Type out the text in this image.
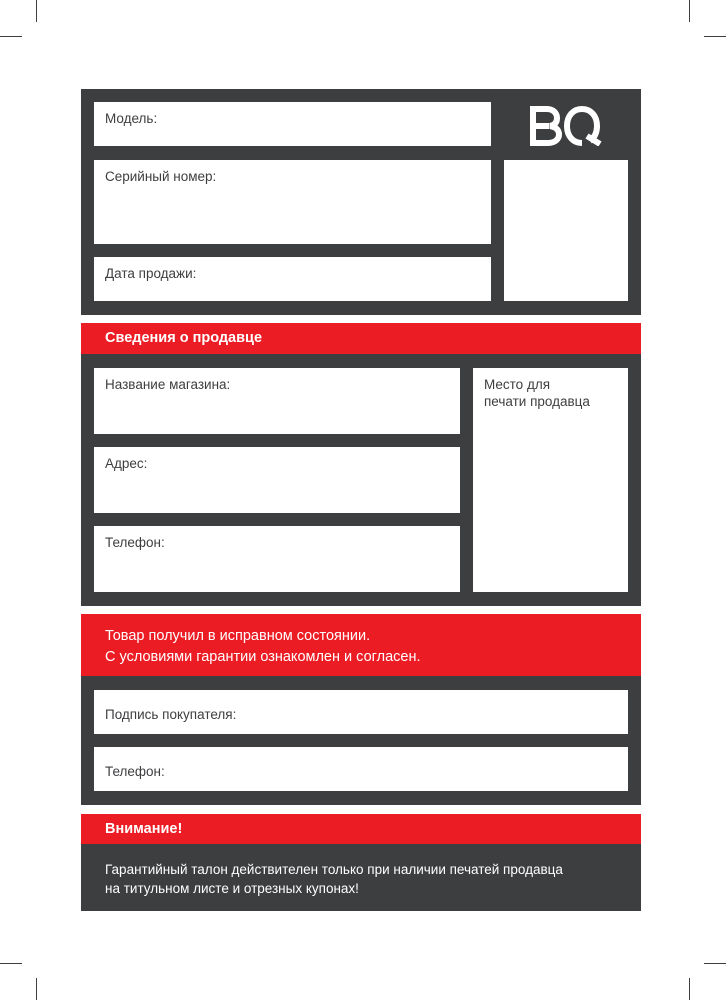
Модель:
Серийный номер:
Дата продажи:
Сведения о продавце
Название магазина:
Адрес:
Телефон:
Место для
печати продавца
Товар получил в исправном состоянии.
С условиями гарантии ознакомлен и согласен.
Подпись покупателя:
Телефон:
Внимание!
Гарантийный талон действителен только при наличии печатей продавца
на титульном листе и отрезных купонах!
